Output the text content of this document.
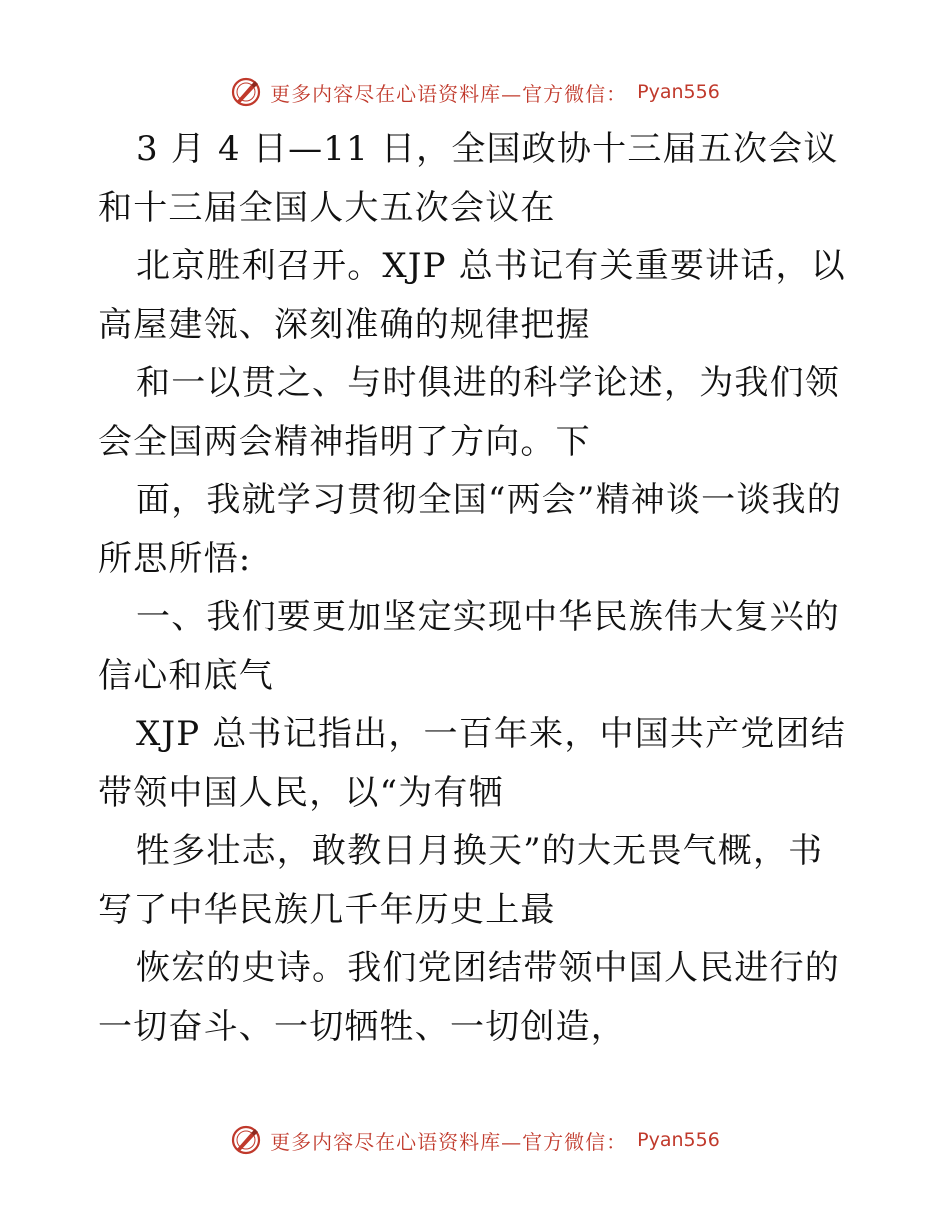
更多内容尽在心语资料库—官方微信： Pyan556

3 月 4 日—11 日，全国政协十三届五次会议和十三届全国人大五次会议在

北京胜利召开。XJP 总书记有关重要讲话，以高屋建瓴、深刻准确的规律把握

和一以贯之、与时俱进的科学论述，为我们领会全国两会精神指明了方向。下

面，我就学习贯彻全国“两会”精神谈一谈我的所思所悟:

一、我们要更加坚定实现中华民族伟大复兴的信心和底气

XJP 总书记指出，一百年来，中国共产党团结带领中国人民，以“为有牺

牲多壮志，敢教日月换天”的大无畏气概，书写了中华民族几千年历史上最

恢宏的史诗。我们党团结带领中国人民进行的一切奋斗、一切牺牲、一切创造，

更多内容尽在心语资料库—官方微信： Pyan556
